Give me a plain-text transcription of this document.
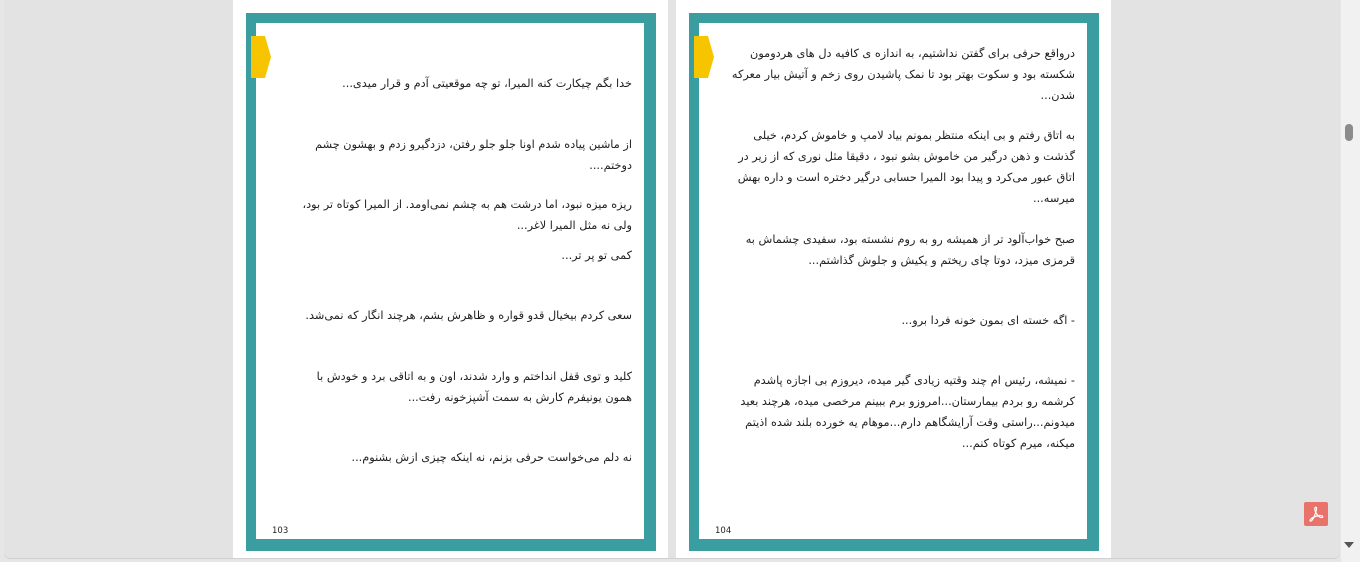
خدا بگم چیکارت کنه المیرا، تو چه موقعیتی آدم و قرار میدی...
از ماشین پیاده شدم اونا جلو جلو رفتن، دزدگیرو زدم و بهشون چشم دوختم....
ریزه میزه نبود، اما درشت هم به چشم نمی‌اومد. از المیرا کوتاه تر بود، ولی نه مثل المیرا لاغر...
کمی تو پر تر...
سعی کردم بیخیال قدو قواره و ظاهرش بشم، هرچند انگار که نمی‌شد.
کلید و توی قفل انداختم و وارد شدند، اون و به اتاقی برد و خودش با همون یونیفرم کارش به سمت آشپزخونه رفت...
نه دلم می‌خواست حرفی بزنم، نه اینکه چیزی ازش بشنوم...
103
درواقع حرفی برای گفتن نداشتیم، به اندازه ی کافیه دل های هردومون شکسته بود و سکوت بهتر بود تا نمک پاشیدن روی زخم و آتیش بیار معرکه شدن...
به اتاق رفتم و بی اینکه منتظر بمونم بیاد لامپ و خاموش کردم، خیلی گذشت و ذهن درگیر من خاموش بشو نبود ، دقیقا مثل نوری که از زیر در اتاق عبور می‌کرد و پیدا بود المیرا حسابی درگیر دختره است و داره بهش میرسه...
صبح خواب‌آلود تر از همیشه رو به روم نشسته بود، سفیدی چشماش به قرمزی میزد، دوتا چای ریختم و یکیش و جلوش گذاشتم...
- اگه خسته ای بمون خونه فردا برو...
- نمیشه، رئیس ام چند وقتیه زیادی گیر میده، دیروزم بی اجازه پاشدم کرشمه رو بردم بیمارستان...امروزو برم ببینم مرخصی میده، هرچند بعید میدونم...راستی وقت آرایشگاهم دارم...موهام یه خورده بلند شده اذیتم میکنه، میرم کوتاه کنم...
104
